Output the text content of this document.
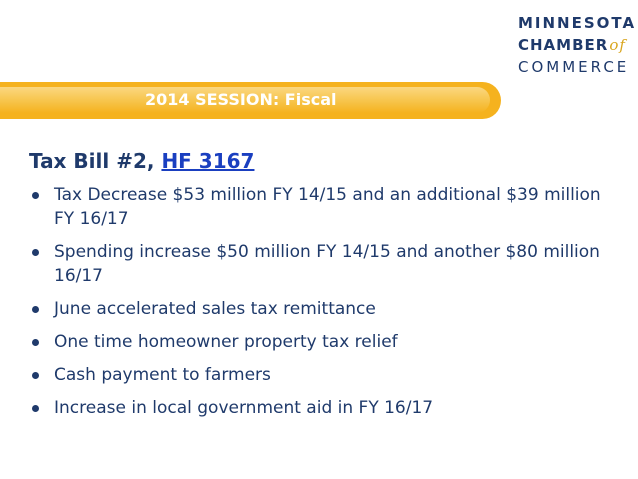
MINNESOTA
CHAMBERof
COMMERCE
2014 SESSION: Fiscal
Tax Bill #2, HF 3167
Tax Decrease $53 million FY 14/15 and an additional $39 million FY 16/17
Spending increase $50 million FY 14/15 and another $80 million 16/17
June accelerated sales tax remittance
One time homeowner property tax relief
Cash payment to farmers
Increase in local government aid in FY 16/17
